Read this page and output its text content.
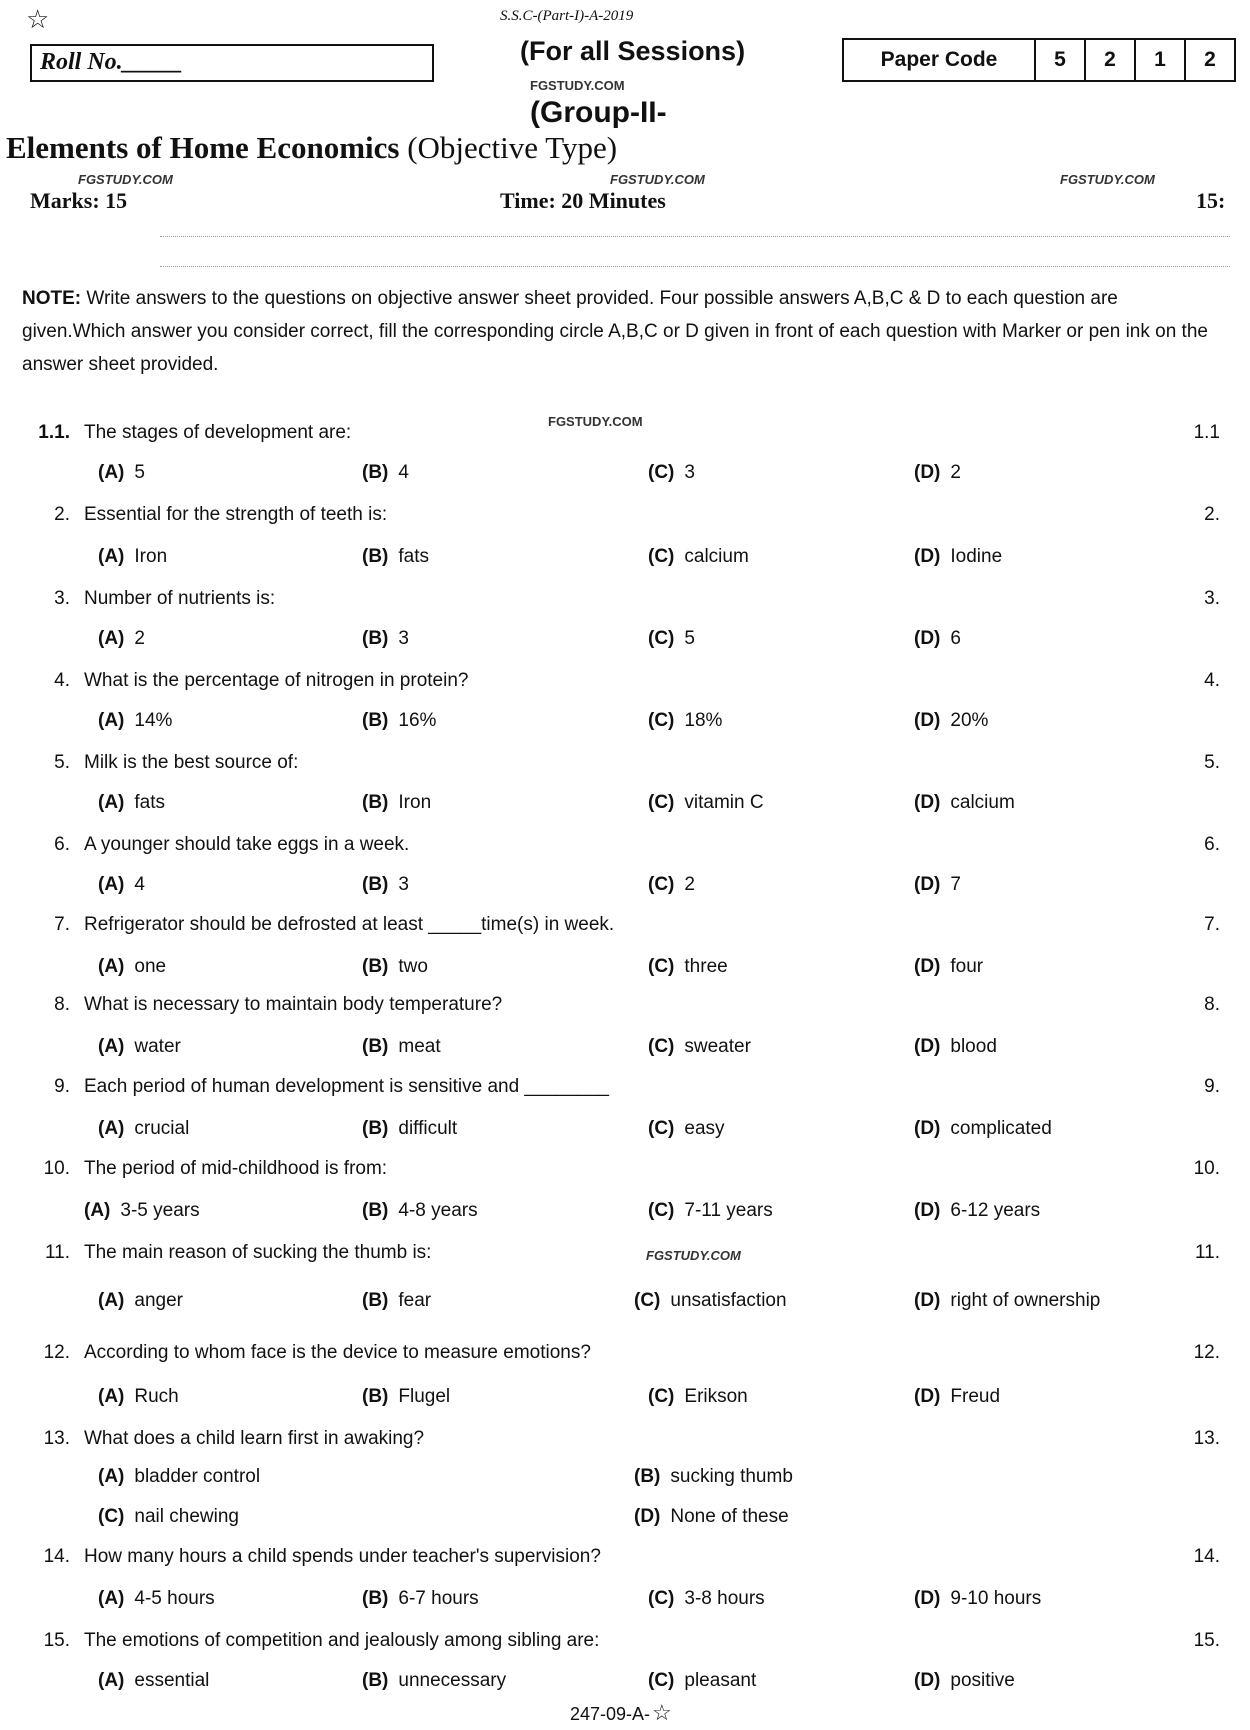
☆	S.S.C-(Part-I)-A-2019
Roll No._____	(For all Sessions)	Paper Code	5	2	1	2
FGSTUDY.COM
(Group-II-
Elements of Home Economics (Objective Type)
FGSTUDY.COM	FGSTUDY.COM	FGSTUDY.COM
Marks: 15	Time: 20 Minutes	15:
NOTE: Write answers to the questions on objective answer sheet provided. Four possible answers A,B,C & D to each question are given.Which answer you consider correct, fill the corresponding circle A,B,C or D given in front of each question with Marker or pen ink on the answer sheet provided.
FGSTUDY.COM
1.1. The stages of development are:	1.1
(A) 5	(B) 4	(C) 3	(D) 2
2. Essential for the strength of teeth is:	2.
(A) Iron	(B) fats	(C) calcium	(D) Iodine
3. Number of nutrients is:	3.
(A) 2	(B) 3	(C) 5	(D) 6
4. What is the percentage of nitrogen in protein?	4.
(A) 14%	(B) 16%	(C) 18%	(D) 20%
5. Milk is the best source of:	5.
(A) fats	(B) Iron	(C) vitamin C	(D) calcium
6. A younger should take eggs in a week.	6.
(A) 4	(B) 3	(C) 2	(D) 7
7. Refrigerator should be defrosted at least _____time(s) in week.	7.
(A) one	(B) two	(C) three	(D) four
8. What is necessary to maintain body temperature?	8.
(A) water	(B) meat	(C) sweater	(D) blood
9. Each period of human development is sensitive and ________	9.
(A) crucial	(B) difficult	(C) easy	(D) complicated
10. The period of mid-childhood is from:	10.
(A) 3-5 years	(B) 4-8 years	(C) 7-11 years	(D) 6-12 years
11. The main reason of sucking the thumb is:	11.
FGSTUDY.COM
(A) anger	(B) fear	(C) unsatisfaction	(D) right of ownership
12. According to whom face is the device to measure emotions?	12.
(A) Ruch	(B) Flugel	(C) Erikson	(D) Freud
13. What does a child learn first in awaking?	13.
(A) bladder control	(B) sucking thumb
(C) nail chewing	(D) None of these
14. How many hours a child spends under teacher's supervision?	14.
(A) 4-5 hours	(B) 6-7 hours	(C) 3-8 hours	(D) 9-10 hours
15. The emotions of competition and jealously among sibling are:	15.
(A) essential	(B) unnecessary	(C) pleasant	(D) positive
247-09-A-☆
